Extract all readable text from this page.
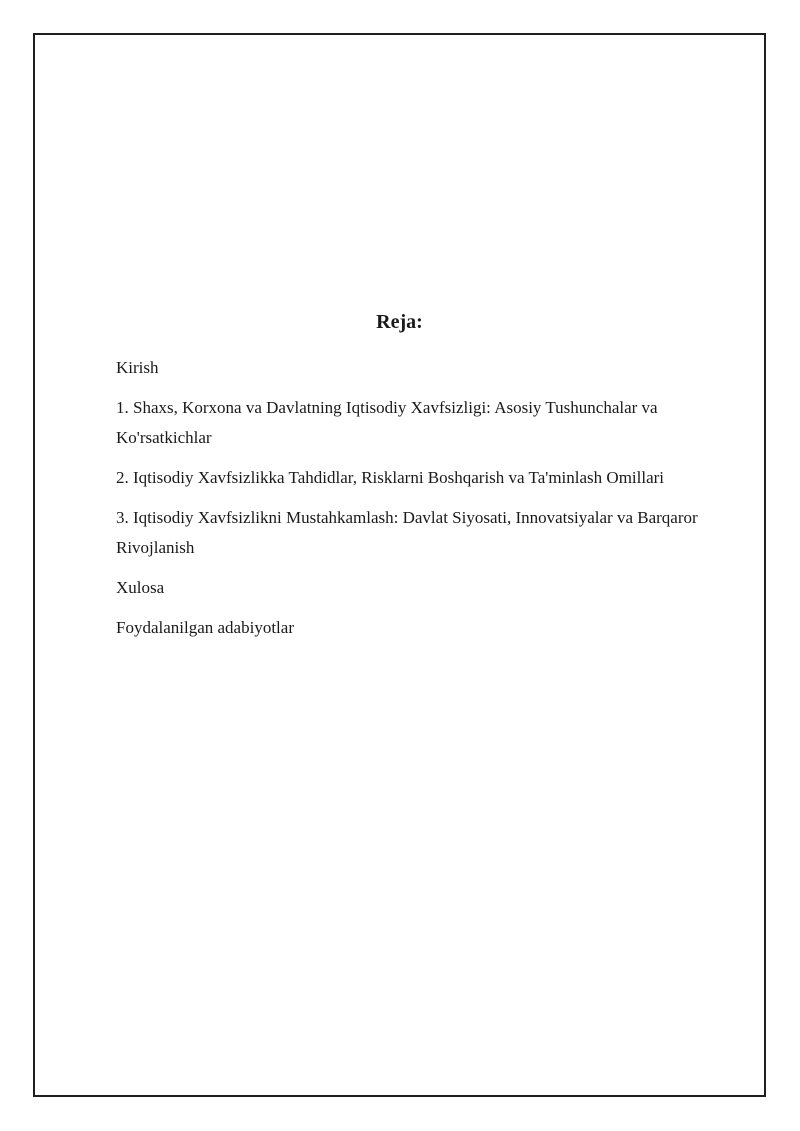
Reja:
Kirish
1. Shaxs, Korxona va Davlatning Iqtisodiy Xavfsizligi: Asosiy Tushunchalar va Ko'rsatkichlar
2. Iqtisodiy Xavfsizlikka Tahdidlar, Risklarni Boshqarish va Ta'minlash Omillari
3. Iqtisodiy Xavfsizlikni Mustahkamlash: Davlat Siyosati, Innovatsiyalar va Barqaror Rivojlanish
Xulosa
Foydalanilgan adabiyotlar
